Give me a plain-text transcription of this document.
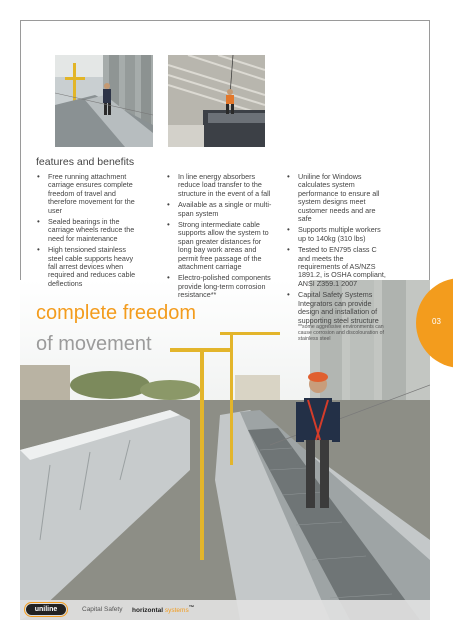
features and benefits
• Free running attachment carriage ensures complete freedom of travel and therefore movement for the user
• Sealed bearings in the carriage wheels reduce the need for maintenance
• High tensioned stainless steel cable supports heavy fall arrest devices when required and reduces cable deflections
• In line energy absorbers reduce load transfer to the structure in the event of a fall
• Available as a single or multi-span system
• Strong intermediate cable supports allow the system to span greater distances for long bay work areas and permit free passage of the attachment carriage
• Electro-polished components provide long-term corrosion resistance**
• Uniline for Windows calculates system performance to ensure all system designs meet customer needs and are safe
• Supports multiple workers up to 140kg (310 lbs)
• Tested to EN795 class C and meets the requirements of AS/NZS 1891.2, is OSHA compliant, ANSI Z359.1 2007
• Capital Safety Systems Integrators can provide design and installation of supporting steel structure
**some aggressive environments can cause corrosion and discolouration of stainless steel
complete freedom
of movement
03
uniline	Capital Safety horizontal systems™
